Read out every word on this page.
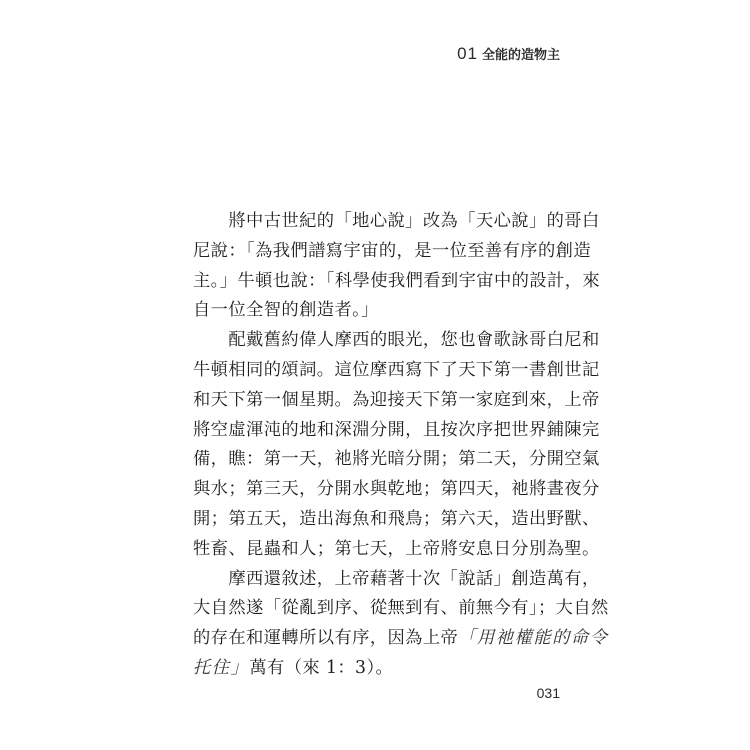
01 全能的造物主

　　將中古世紀的「地心說」改為「天心說」的哥白

尼說：「為我們譜寫宇宙的，是一位至善有序的創造

主。」牛頓也說：「科學使我們看到宇宙中的設計，來

自一位全智的創造者。」

　　配戴舊約偉人摩西的眼光，您也會歌詠哥白尼和

牛頓相同的頌詞。這位摩西寫下了天下第一書創世記

和天下第一個星期。為迎接天下第一家庭到來，上帝

將空虛渾沌的地和深淵分開，且按次序把世界鋪陳完

備，瞧：第一天，祂將光暗分開；第二天，分開空氣

與水；第三天，分開水與乾地；第四天，祂將晝夜分

開；第五天，造出海魚和飛鳥；第六天，造出野獸、

牲畜、昆蟲和人；第七天，上帝將安息日分別為聖。

　　摩西還敘述，上帝藉著十次「說話」創造萬有，

大自然遂「從亂到序、從無到有、前無今有」；大自然

的存在和運轉所以有序，因為上帝「用祂權能的命令

托住」萬有（來 1：3）。

031
